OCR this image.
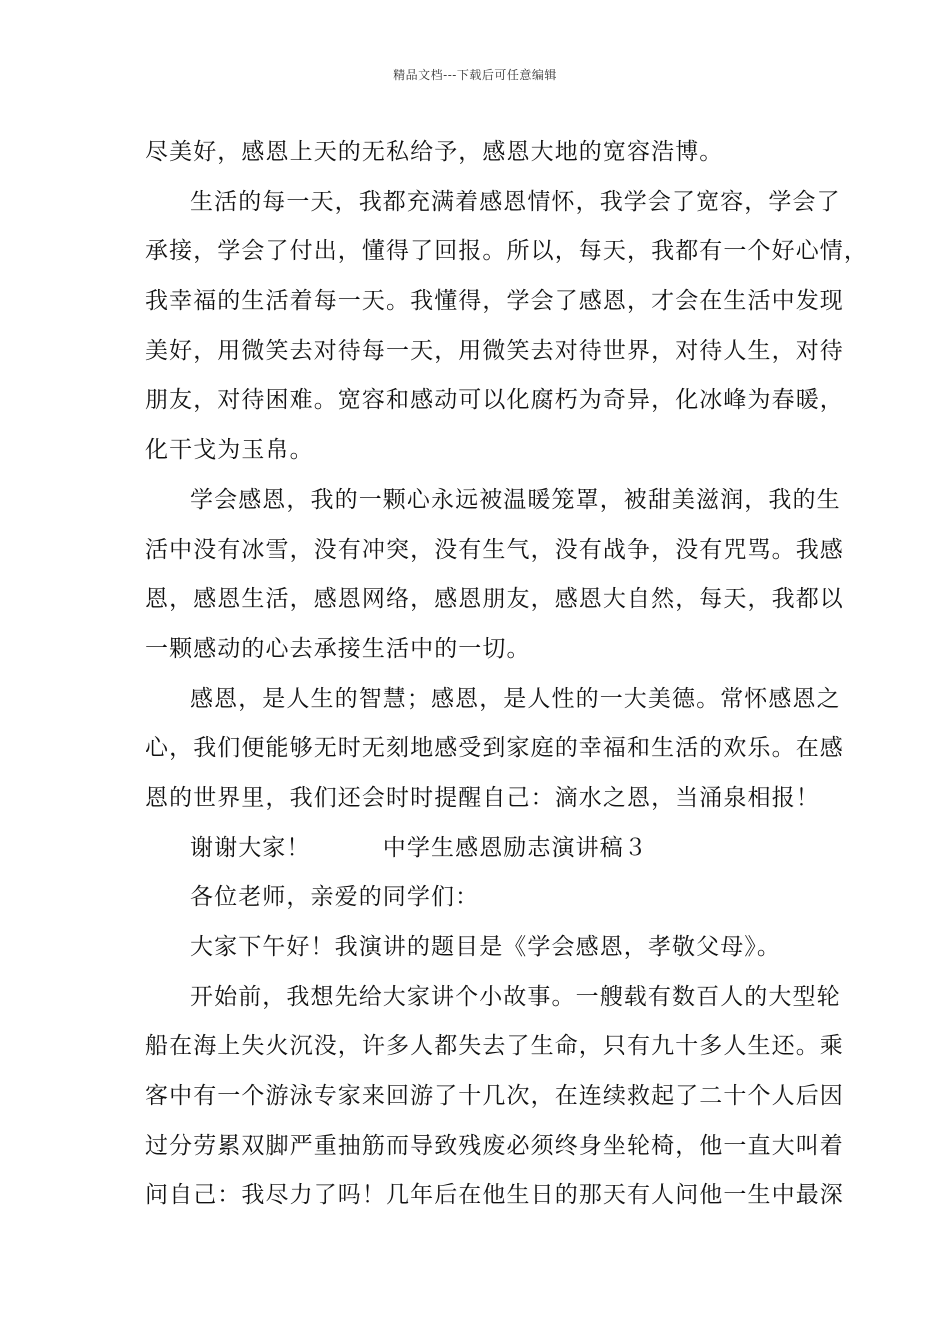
精品文档---下载后可任意编辑
尽美好，感恩上天的无私给予，感恩大地的宽容浩博。
生活的每一天，我都充满着感恩情怀，我学会了宽容，学会了
承接，学会了付出，懂得了回报。所以，每天，我都有一个好心情，
我幸福的生活着每一天。我懂得，学会了感恩，才会在生活中发现
美好，用微笑去对待每一天，用微笑去对待世界，对待人生，对待
朋友，对待困难。宽容和感动可以化腐朽为奇异，化冰峰为春暖，
化干戈为玉帛。
学会感恩，我的一颗心永远被温暖笼罩，被甜美滋润，我的生
活中没有冰雪，没有冲突，没有生气，没有战争，没有咒骂。我感
恩，感恩生活，感恩网络，感恩朋友，感恩大自然，每天，我都以
一颗感动的心去承接生活中的一切。
感恩，是人生的智慧；感恩，是人性的一大美德。常怀感恩之
心，我们便能够无时无刻地感受到家庭的幸福和生活的欢乐。在感
恩的世界里，我们还会时时提醒自己：滴水之恩，当涌泉相报！
谢谢大家！　　　中学生感恩励志演讲稿３
各位老师，亲爱的同学们：
大家下午好！我演讲的题目是《学会感恩，孝敬父母》。
开始前，我想先给大家讲个小故事。一艘载有数百人的大型轮
船在海上失火沉没，许多人都失去了生命，只有九十多人生还。乘
客中有一个游泳专家来回游了十几次，在连续救起了二十个人后因
过分劳累双脚严重抽筋而导致残废必须终身坐轮椅，他一直大叫着
问自己：我尽力了吗！几年后在他生日的那天有人问他一生中最深
